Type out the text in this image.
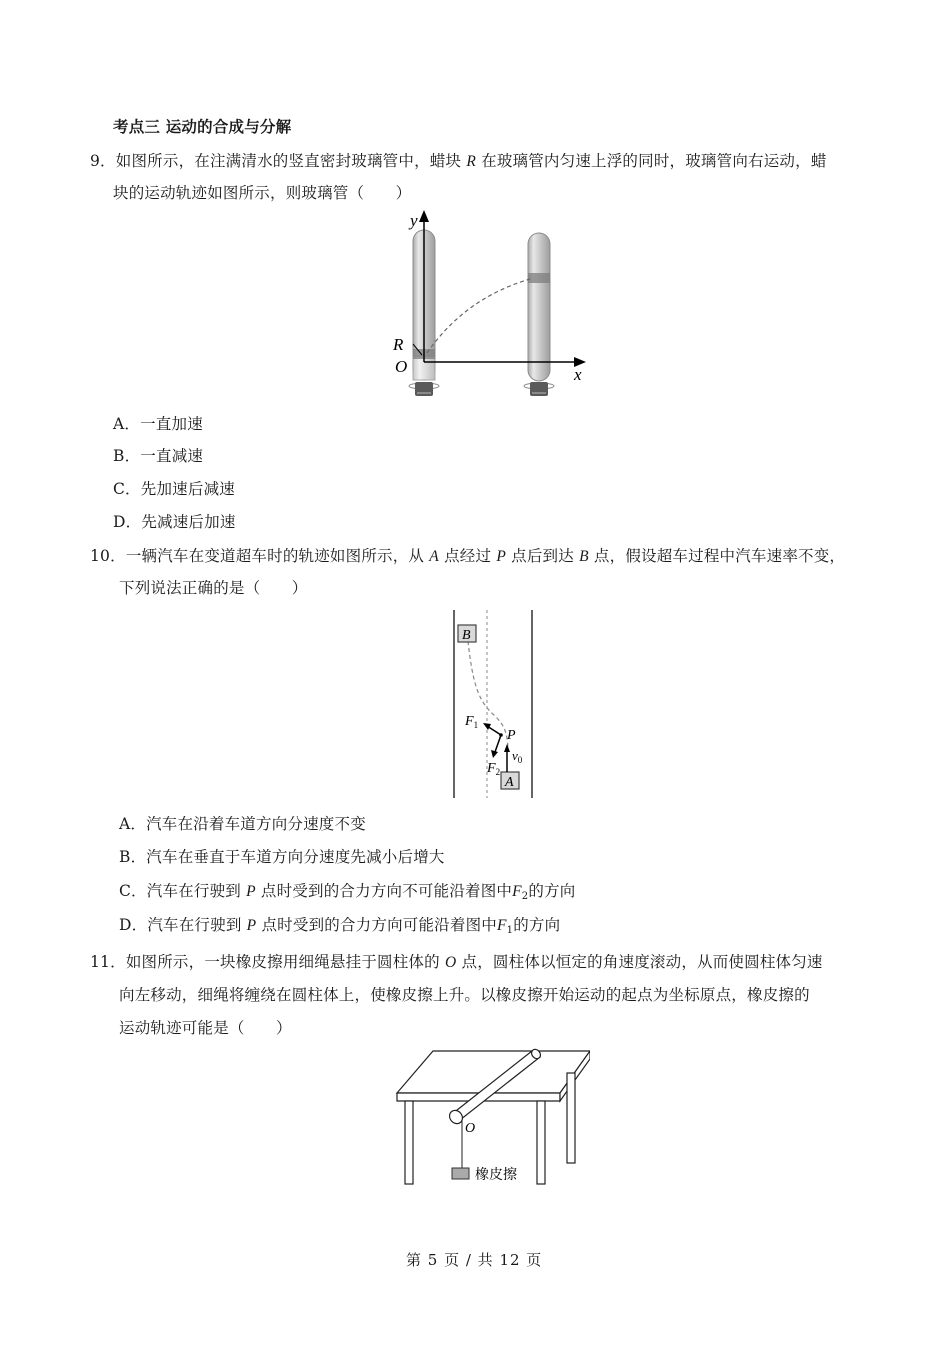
考点三 运动的合成与分解
9．如图所示，在注满清水的竖直密封玻璃管中，蜡块 R 在玻璃管内匀速上浮的同时，玻璃管向右运动，蜡
块的运动轨迹如图所示，则玻璃管（　　）
y
x
R
O
A．一直加速
B．一直减速
C．先加速后减速
D．先减速后加速
10．一辆汽车在变道超车时的轨迹如图所示，从 A 点经过 P 点后到达 B 点，假设超车过程中汽车速率不变，
下列说法正确的是（　　）
B
A
P
$F_1$
$F_2$
$v_0$
A．汽车在沿着车道方向分速度不变
B．汽车在垂直于车道方向分速度先减小后增大
C．汽车在行驶到 P 点时受到的合力方向不可能沿着图中$F_2$的方向
D．汽车在行驶到 P 点时受到的合力方向可能沿着图中$F_1$的方向
11．如图所示，一块橡皮擦用细绳悬挂于圆柱体的 O 点，圆柱体以恒定的角速度滚动，从而使圆柱体匀速
向左移动，细绳将缠绕在圆柱体上，使橡皮擦上升。以橡皮擦开始运动的起点为坐标原点，橡皮擦的
运动轨迹可能是（　　）
O
橡皮擦
第 5 页 / 共 12 页
